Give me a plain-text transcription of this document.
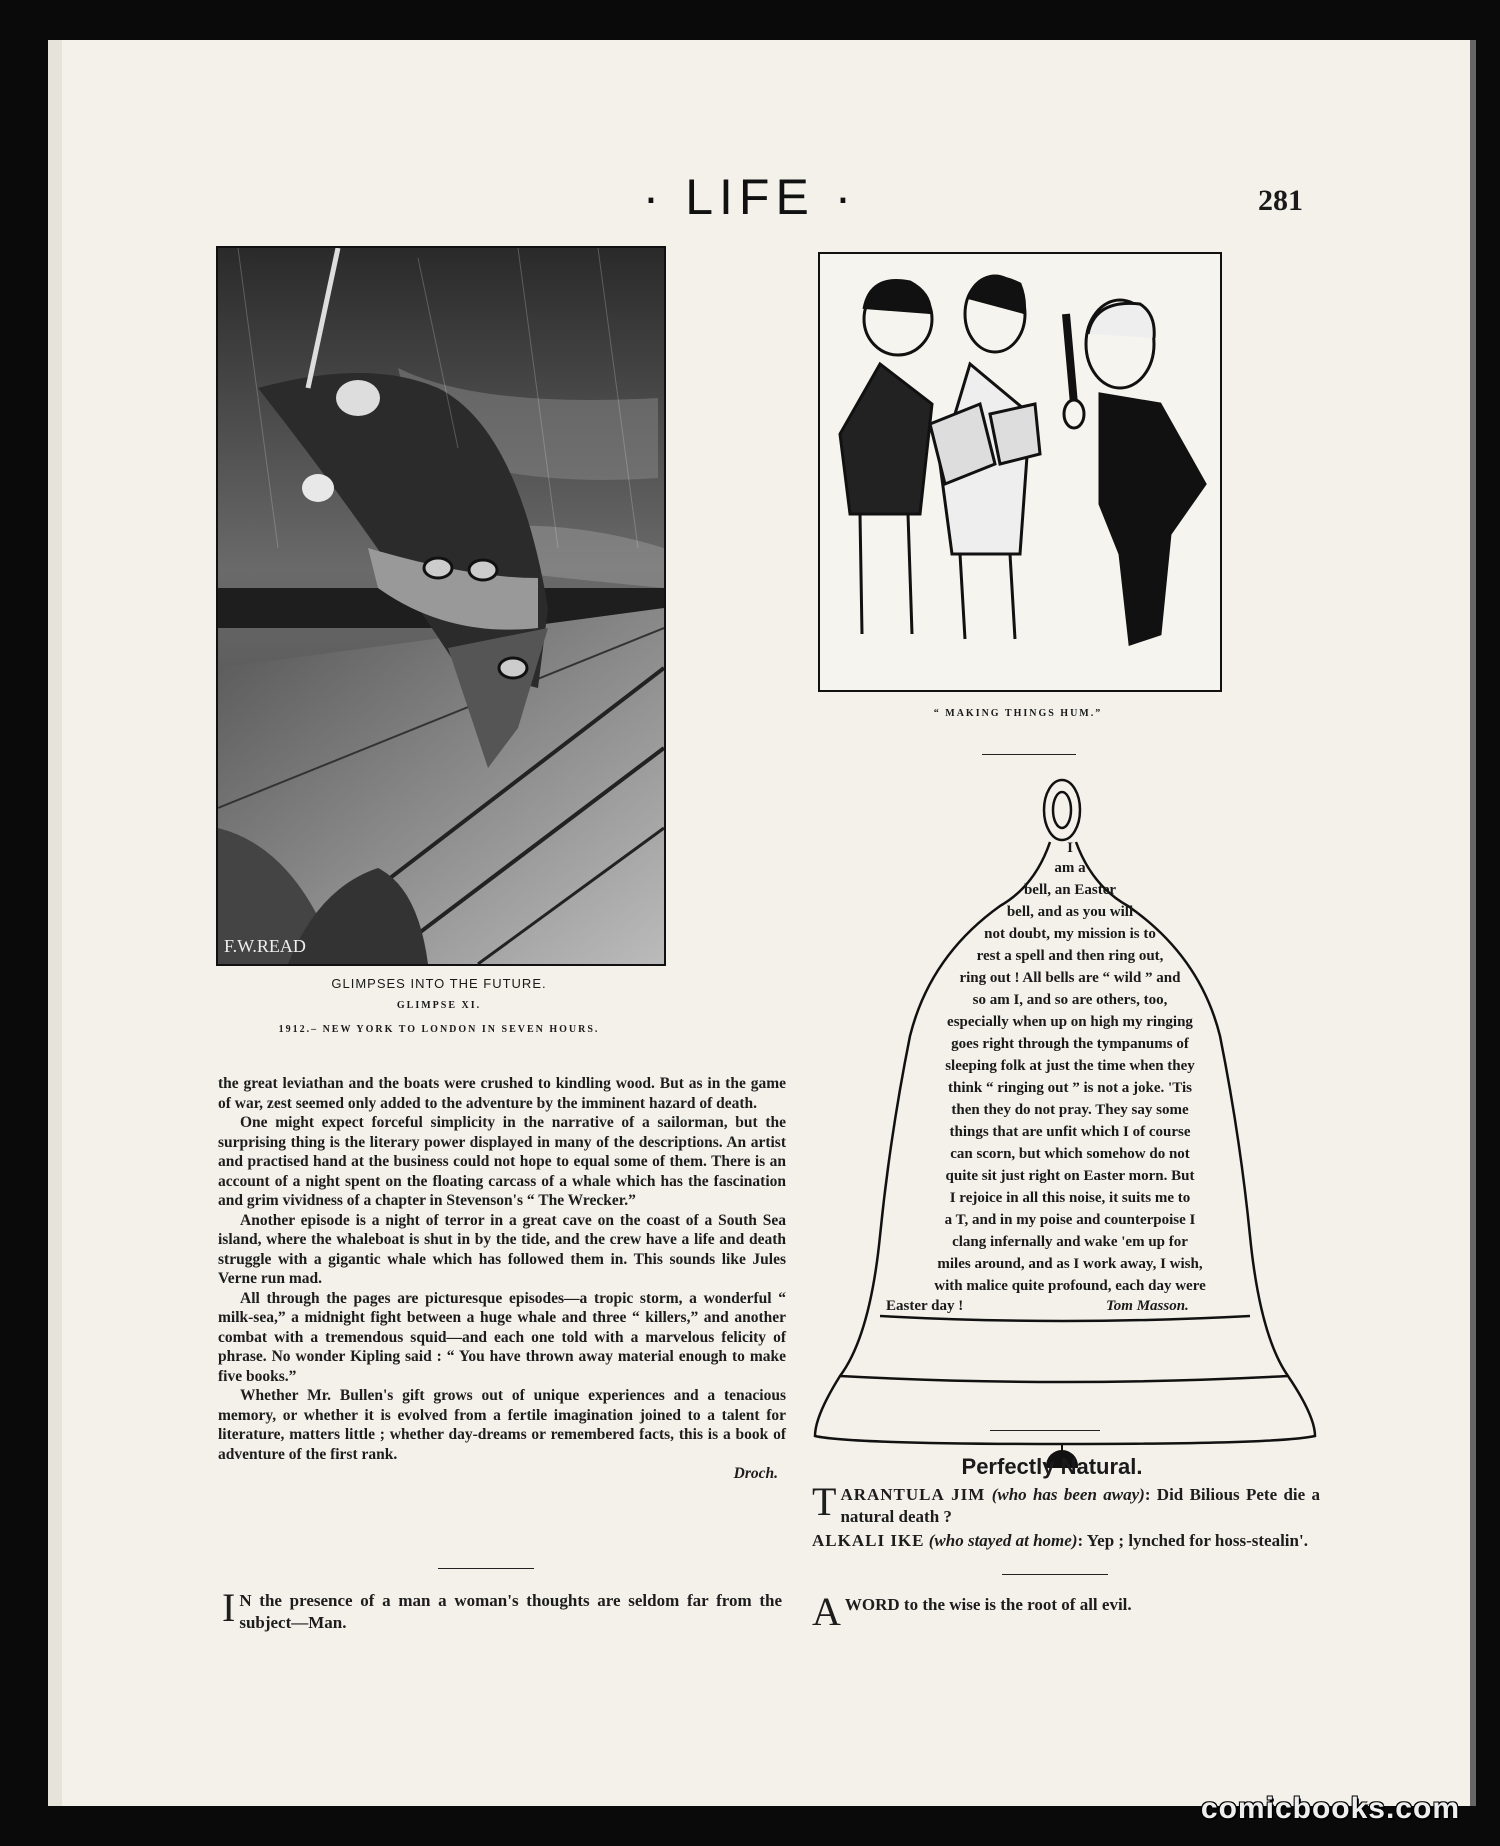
· LIFE ·	281
F.W.READ
GLIMPSES INTO THE FUTURE.
GLIMPSE XI.
1912.– NEW YORK TO LONDON IN SEVEN HOURS.

the great leviathan and the boats were crushed to kindling wood. But as in the game of war, zest seemed only added to the adventure by the imminent hazard of death.

One might expect forceful simplicity in the narrative of a sailorman, but the surprising thing is the literary power displayed in many of the descriptions. An artist and practised hand at the business could not hope to equal some of them. There is an account of a night spent on the floating carcass of a whale which has the fascination and grim vividness of a chapter in Stevenson's “ The Wrecker.”

Another episode is a night of terror in a great cave on the coast of a South Sea island, where the whaleboat is shut in by the tide, and the crew have a life and death struggle with a gigantic whale which has followed them in. This sounds like Jules Verne run mad.

All through the pages are picturesque episodes—a tropic storm, a wonderful “ milk-sea,” a midnight fight between a huge whale and three “ killers,” and another combat with a tremendous squid—and each one told with a marvelous felicity of phrase. No wonder Kipling said : “ You have thrown away material enough to make five books.”

Whether Mr. Bullen's gift grows out of unique experiences and a tenacious memory, or whether it is evolved from a fertile imagination joined to a talent for literature, matters little ; whether day-dreams or remembered facts, this is a book of adventure of the first rank.

Droch.
I N the presence of a man a woman's thoughts are seldom far from the subject—Man.
“ MAKING THINGS HUM.”
I
am a
bell, an Easter
bell, and as you will
not doubt, my mission is to
rest a spell and then ring out,
ring out ! All bells are “ wild ” and
so am I, and so are others, too,
especially when up on high my ringing
goes right through the tympanums of
sleeping folk at just the time when they
think “ ringing out ” is not a joke. 'Tis
then they do not pray. They say some
things that are unfit which I of course
can scorn, but which somehow do not
quite sit just right on Easter morn. But
I rejoice in all this noise, it suits me to
a T, and in my poise and counterpoise I
clang infernally and wake 'em up for
miles around, and as I work away, I wish,
with malice quite profound, each day were
Easter day !	Tom Masson.
Perfectly Natural.
T ARANTULA JIM (who has been away): Did Bilious Pete die a natural death ?
ALKALI IKE (who stayed at home): Yep ; lynched for hoss-stealin'.
A WORD to the wise is the root of all evil.
comicbooks.com
